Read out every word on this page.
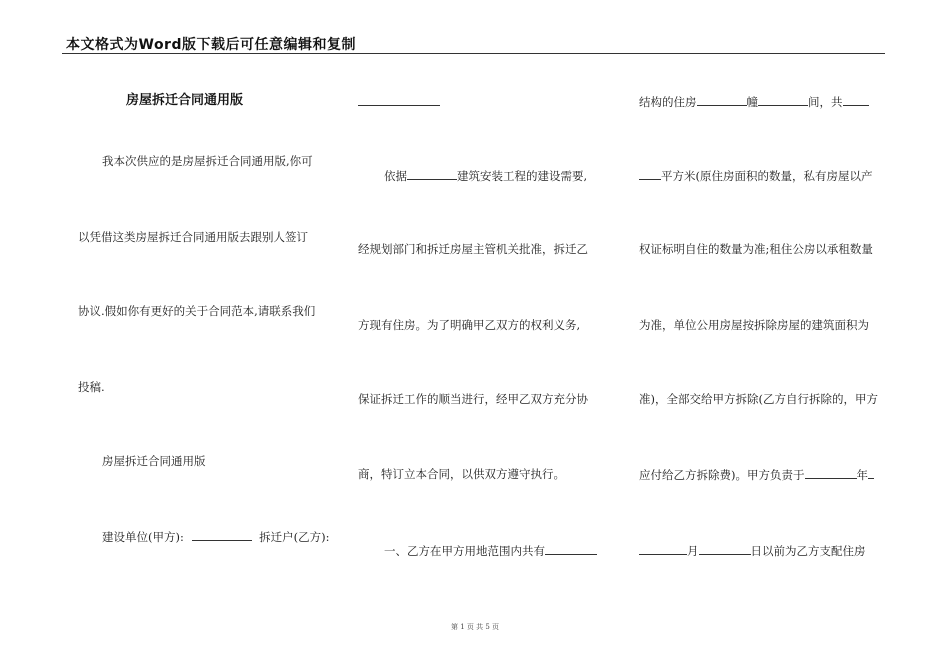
本文格式为Word版下载后可任意编辑和复制

房屋拆迁合同通用版

我本次供应的是房屋拆迁合同通用版,你可

以凭借这类房屋拆迁合同通用版去跟别人签订

协议.假如你有更好的关于合同范本,请联系我们

投稿.

房屋拆迁合同通用版

建设单位(甲方):	拆迁户(乙方):

依据	建筑安装工程的建设需要,

经规划部门和拆迁房屋主管机关批准，拆迁乙

方现有住房。为了明确甲乙双方的权利义务,

保证拆迁工作的顺当进行，经甲乙双方充分协

商，特订立本合同，以供双方遵守执行。

一、乙方在甲方用地范围内共有

结构的住房	幢	间，共

平方米(原住房面积的数量，私有房屋以产

权证标明自住的数量为准;租住公房以承租数量

为准，单位公用房屋按拆除房屋的建筑面积为

准)，全部交给甲方拆除(乙方自行拆除的，甲方

应付给乙方拆除费)。甲方负责于	年

月	日以前为乙方支配住房

第 1 页 共 5 页
